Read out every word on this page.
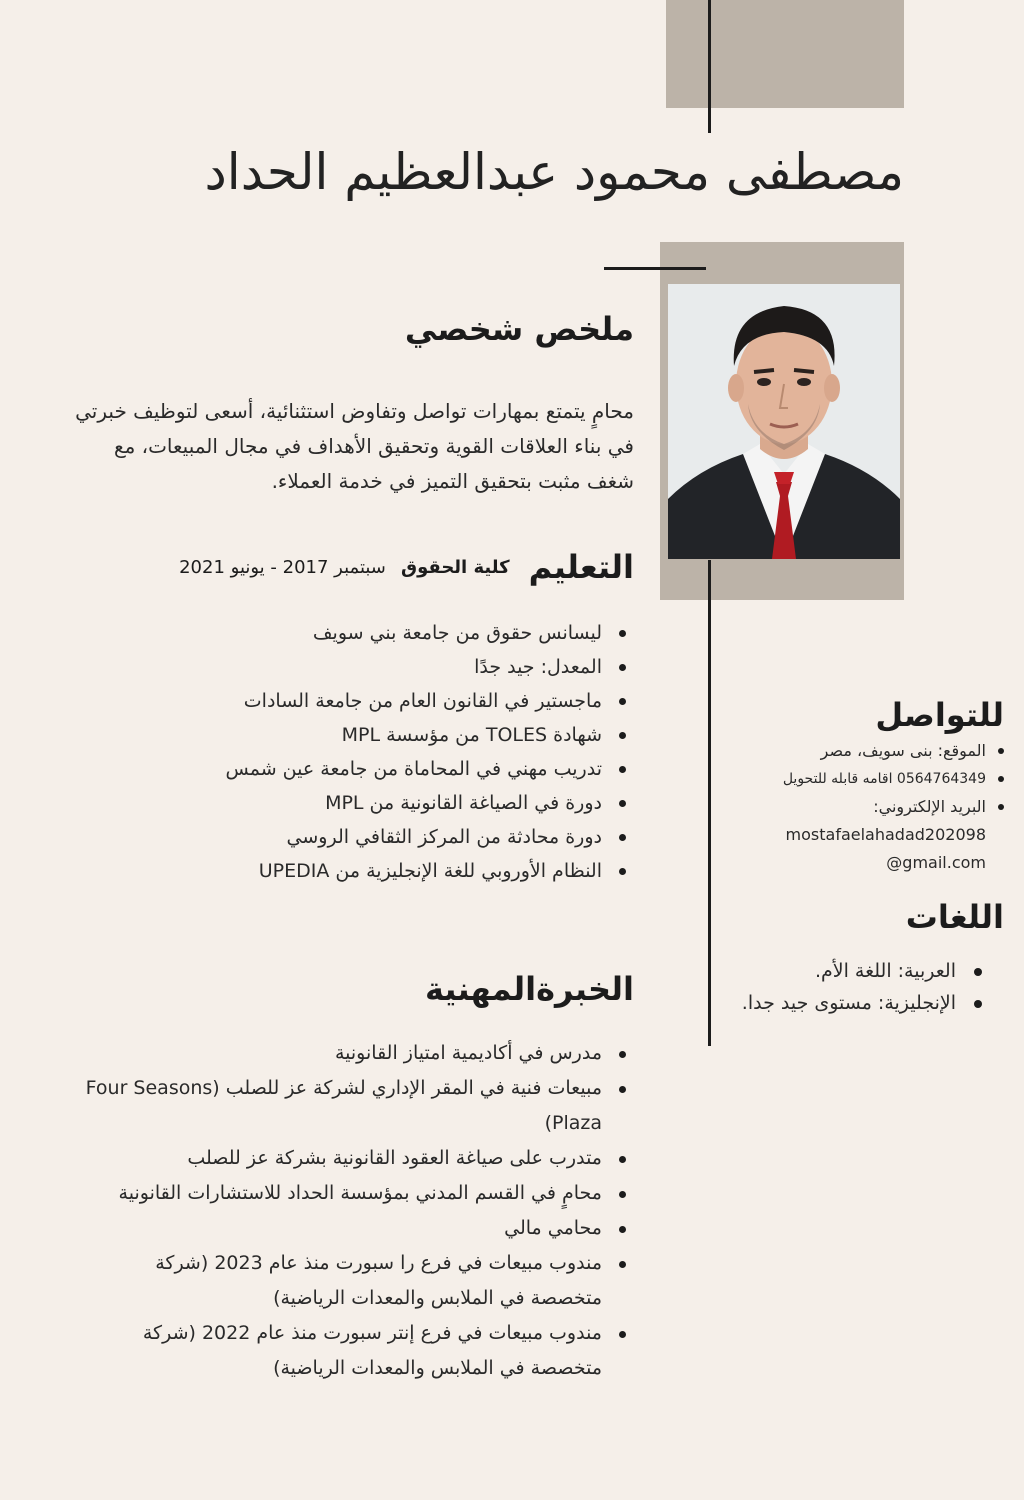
مصطفى محمود عبدالعظيم الحداد
ملخص شخصي

محامٍ يتمتع بمهارات تواصل وتفاوض استثنائية، أسعى لتوظيف خبرتي في بناء العلاقات القوية وتحقيق الأهداف في مجال المبيعات، مع شغف مثبت بتحقيق التميز في خدمة العملاء.

التعليم كلية الحقوق سبتمبر 2017 - يونيو 2021
ليسانس حقوق من جامعة بني سويف
المعدل: جيد جدًا
ماجستير في القانون العام من جامعة السادات
شهادة TOLES من مؤسسة MPL
تدريب مهني في المحاماة من جامعة عين شمس
دورة في الصياغة القانونية من MPL
دورة محادثة من المركز الثقافي الروسي
النظام الأوروبي للغة الإنجليزية من UPEDIA
الخبرةالمهنية
مدرس في أكاديمية امتياز القانونية
مبيعات فنية في المقر الإداري لشركة عز للصلب (Four Seasons Plaza)
متدرب على صياغة العقود القانونية بشركة عز للصلب
محامٍ في القسم المدني بمؤسسة الحداد للاستشارات القانونية
محامي مالي
مندوب مبيعات في فرع را سبورت منذ عام 2023 (شركة متخصصة في الملابس والمعدات الرياضية)
مندوب مبيعات في فرع إنتر سبورت منذ عام 2022 (شركة متخصصة في الملابس والمعدات الرياضية)
للتواصل
الموقع: بنى سويف، مصر
0564764349 اقامه قابله للتحويل
البريد الإلكتروني:
mostafaelahadad202098
@gmail.com
اللغات
العربية: اللغة الأم.
الإنجليزية: مستوى جيد جدا.
